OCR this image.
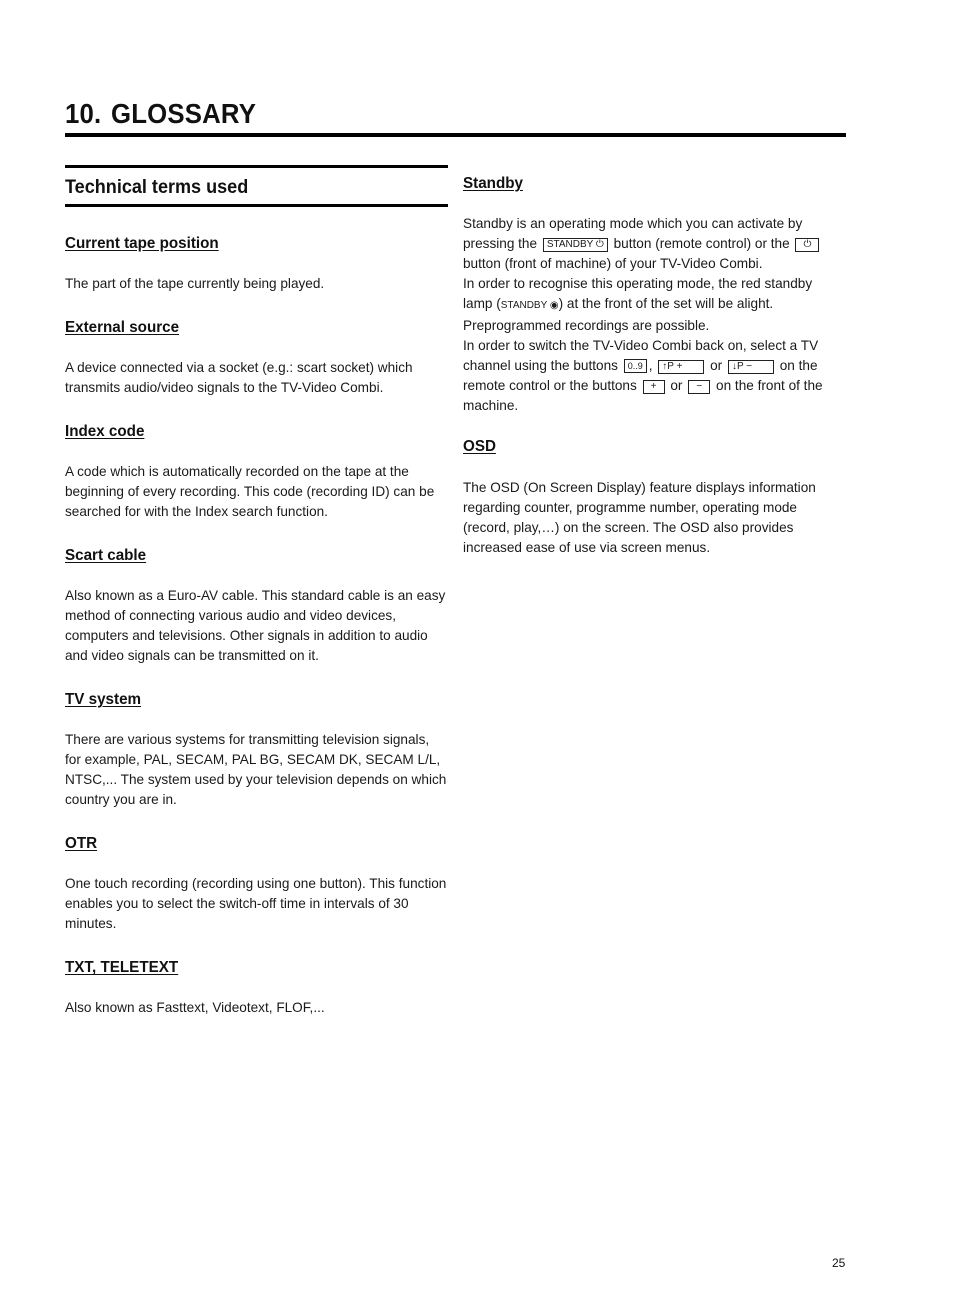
10. GLOSSARY
Technical terms used
Current tape position

The part of the tape currently being played.

External source

A device connected via a socket (e.g.: scart socket) which transmits audio/video signals to the TV-Video Combi.

Index code

A code which is automatically recorded on the tape at the beginning of every recording. This code (recording ID) can be searched for with the Index search function.

Scart cable

Also known as a Euro-AV cable. This standard cable is an easy method of connecting various audio and video devices, computers and televisions. Other signals in addition to audio and video signals can be transmitted on it.

TV system

There are various systems for transmitting television signals, for example, PAL, SECAM, PAL BG, SECAM DK, SECAM L/L, NTSC,... The system used by your television depends on which country you are in.

OTR

One touch recording (recording using one button). This function enables you to select the switch-off time in intervals of 30 minutes.

TXT, TELETEXT

Also known as Fasttext, Videotext, FLOF,...

Standby

Standby is an operating mode which you can activate by pressing the STANDBY ⏻ button (remote control) or the ⏻ button (front of machine) of your TV-Video Combi.
In order to recognise this operating mode, the red standby lamp (STANDBY ◉) at the front of the set will be alight.
Preprogrammed recordings are possible.
In order to switch the TV-Video Combi back on, select a TV channel using the buttons 0..9 , ↑P + or ↓P − on the remote control or the buttons + or − on the front of the machine.

OSD

The OSD (On Screen Display) feature displays information regarding counter, programme number, operating mode (record, play,…) on the screen. The OSD also provides increased ease of use via screen menus.

25
